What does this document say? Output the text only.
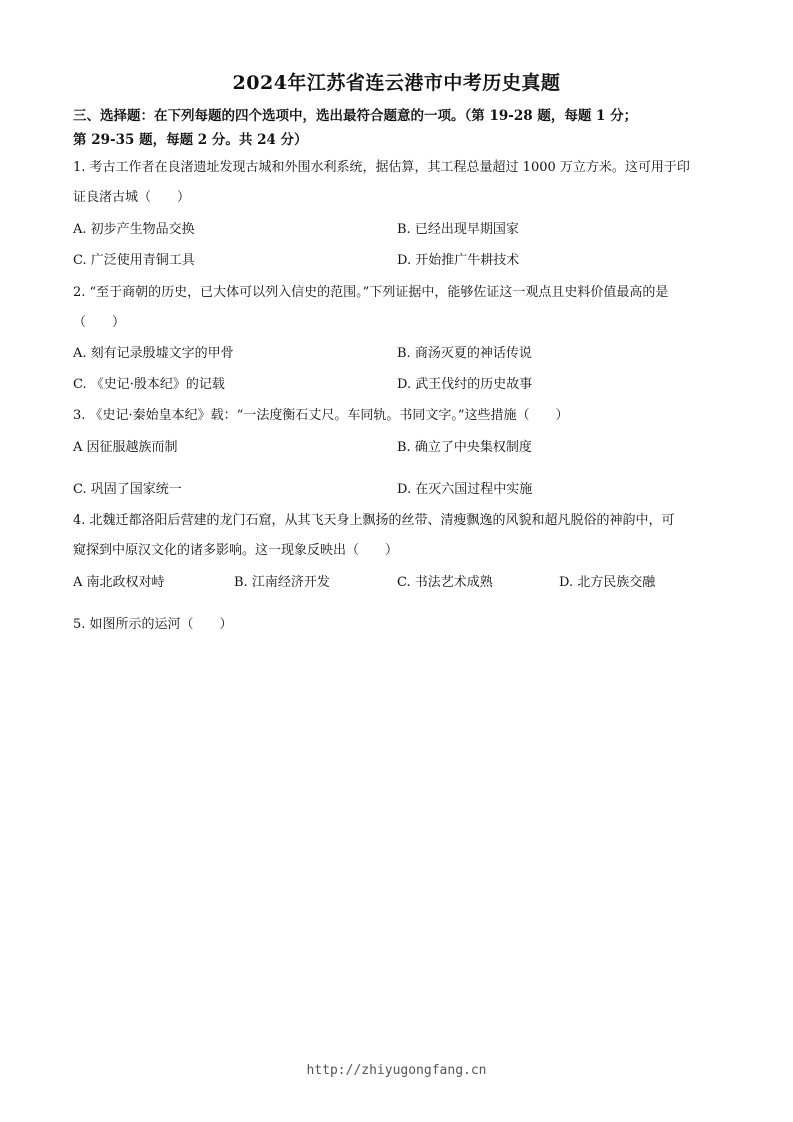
2024年江苏省连云港市中考历史真题
三、选择题：在下列每题的四个选项中，选出最符合题意的一项。（第 19-28 题，每题 1 分；
第 29-35 题，每题 2 分。共 24 分）
1. 考古工作者在良渚遗址发现古城和外围水利系统，据估算，其工程总量超过 1000 万立方米。这可用于印
证良渚古城（　　）
A. 初步产生物品交换	B. 已经出现早期国家
C. 广泛使用青铜工具	D. 开始推广牛耕技术
2. “至于商朝的历史，已大体可以列入信史的范围。”下列证据中，能够佐证这一观点且史料价值最高的是
（　　）
A. 刻有记录殷墟文字的甲骨	B. 商汤灭夏的神话传说
C. 《史记·殷本纪》的记载	D. 武王伐纣的历史故事
3. 《史记·秦始皇本纪》载：“一法度衡石丈尺。车同轨。书同文字。”这些措施（　　）
A 因征服越族而制	B. 确立了中央集权制度
C. 巩固了国家统一	D. 在灭六国过程中实施
4. 北魏迁都洛阳后营建的龙门石窟，从其飞天身上飘扬的丝带、清瘦飘逸的风貌和超凡脱俗的神韵中，可
窥探到中原汉文化的诸多影响。这一现象反映出（　　）
A 南北政权对峙	B. 江南经济开发	C. 书法艺术成熟	D. 北方民族交融
5. 如图所示的运河（　　）
http://zhiyugongfang.cn
